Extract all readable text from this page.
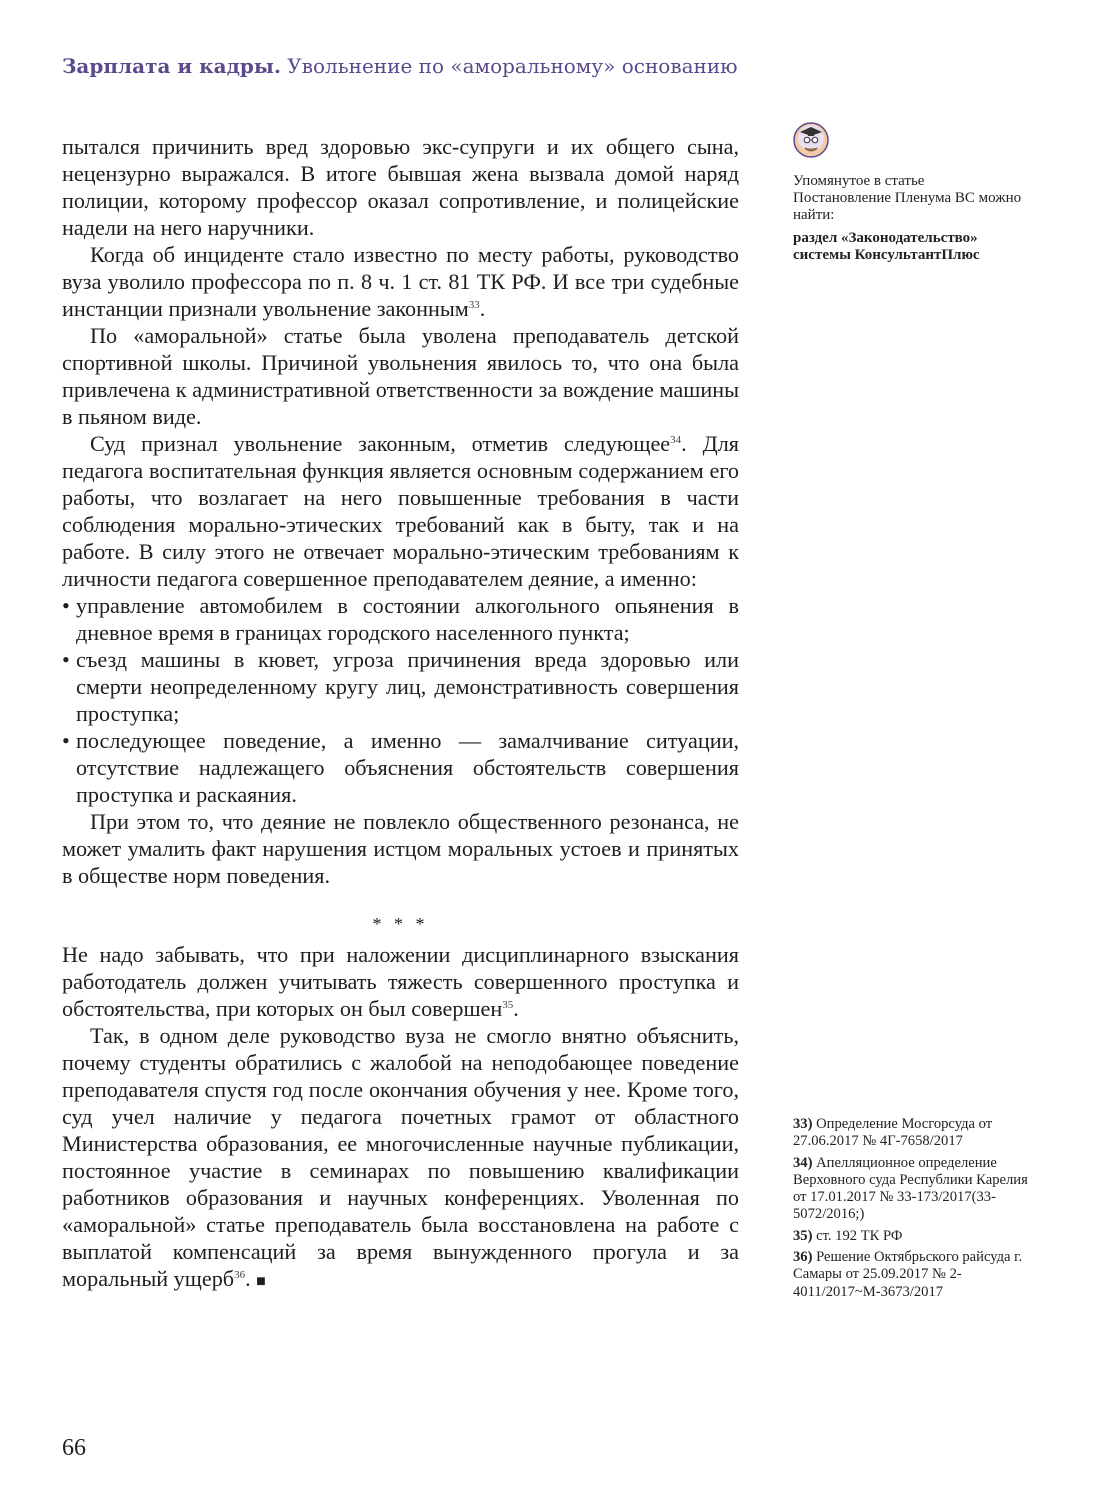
Зарплата и кадры. Увольнение по «аморальному» основанию

пытался причинить вред здоровью экс-супруги и их общего сына, нецензурно выражался. В итоге бывшая жена вызвала домой наряд полиции, которому профессор оказал сопротивление, и полицейские надели на него наручники.

Когда об инциденте стало известно по месту работы, руководство вуза уволило профессора по п. 8 ч. 1 ст. 81 ТК РФ. И все три судебные инстанции признали увольнение законным$^{33}$.

По «аморальной» статье была уволена преподаватель детской спортивной школы. Причиной увольнения явилось то, что она была привлечена к административной ответственности за вождение машины в пьяном виде.

Суд признал увольнение законным, отметив следующее$^{34}$. Для педагога воспитательная функция является основным содержанием его работы, что возлагает на него повышенные требования в части соблюдения морально-этических требований как в быту, так и на работе. В силу этого не отвечает морально-этическим требованиям к личности педагога совершенное преподавателем деяние, а именно:

• управление автомобилем в состоянии алкогольного опьянения в дневное время в границах городского населенного пункта;
• съезд машины в кювет, угроза причинения вреда здоровью или смерти неопределенному кругу лиц, демонстративность совершения проступка;
• последующее поведение, а именно — замалчивание ситуации, отсутствие надлежащего объяснения обстоятельств совершения проступка и раскаяния.

При этом то, что деяние не повлекло общественного резонанса, не может умалить факт нарушения истцом моральных устоев и принятых в обществе норм поведения.

* * *

Не надо забывать, что при наложении дисциплинарного взыскания работодатель должен учитывать тяжесть совершенного проступка и обстоятельства, при которых он был совершен$^{35}$.

Так, в одном деле руководство вуза не смогло внятно объяснить, почему студенты обратились с жалобой на неподобающее поведение преподавателя спустя год после окончания обучения у нее. Кроме того, суд учел наличие у педагога почетных грамот от областного Министерства образования, ее многочисленные научные публикации, постоянное участие в семинарах по повышению квалификации работников образования и научных конференциях. Уволенная по «аморальной» статье преподаватель была восстановлена на работе с выплатой компенсаций за время вынужденного прогула и за моральный ущерб$^{36}$. ■

Упомянутое в статье Постановление Пленума ВС можно найти:
раздел «Законодательство» системы КонсультантПлюс
33) Определение Мосгорсуда от 27.06.2017 № 4Г-7658/2017
34) Апелляционное определение Верховного суда Республики Карелия от 17.01.2017 № 33-173/2017(33-5072/2016;)
35) ст. 192 ТК РФ
36) Решение Октябрьского райсуда г. Самары от 25.09.2017 № 2-4011/2017~М-3673/2017
66
